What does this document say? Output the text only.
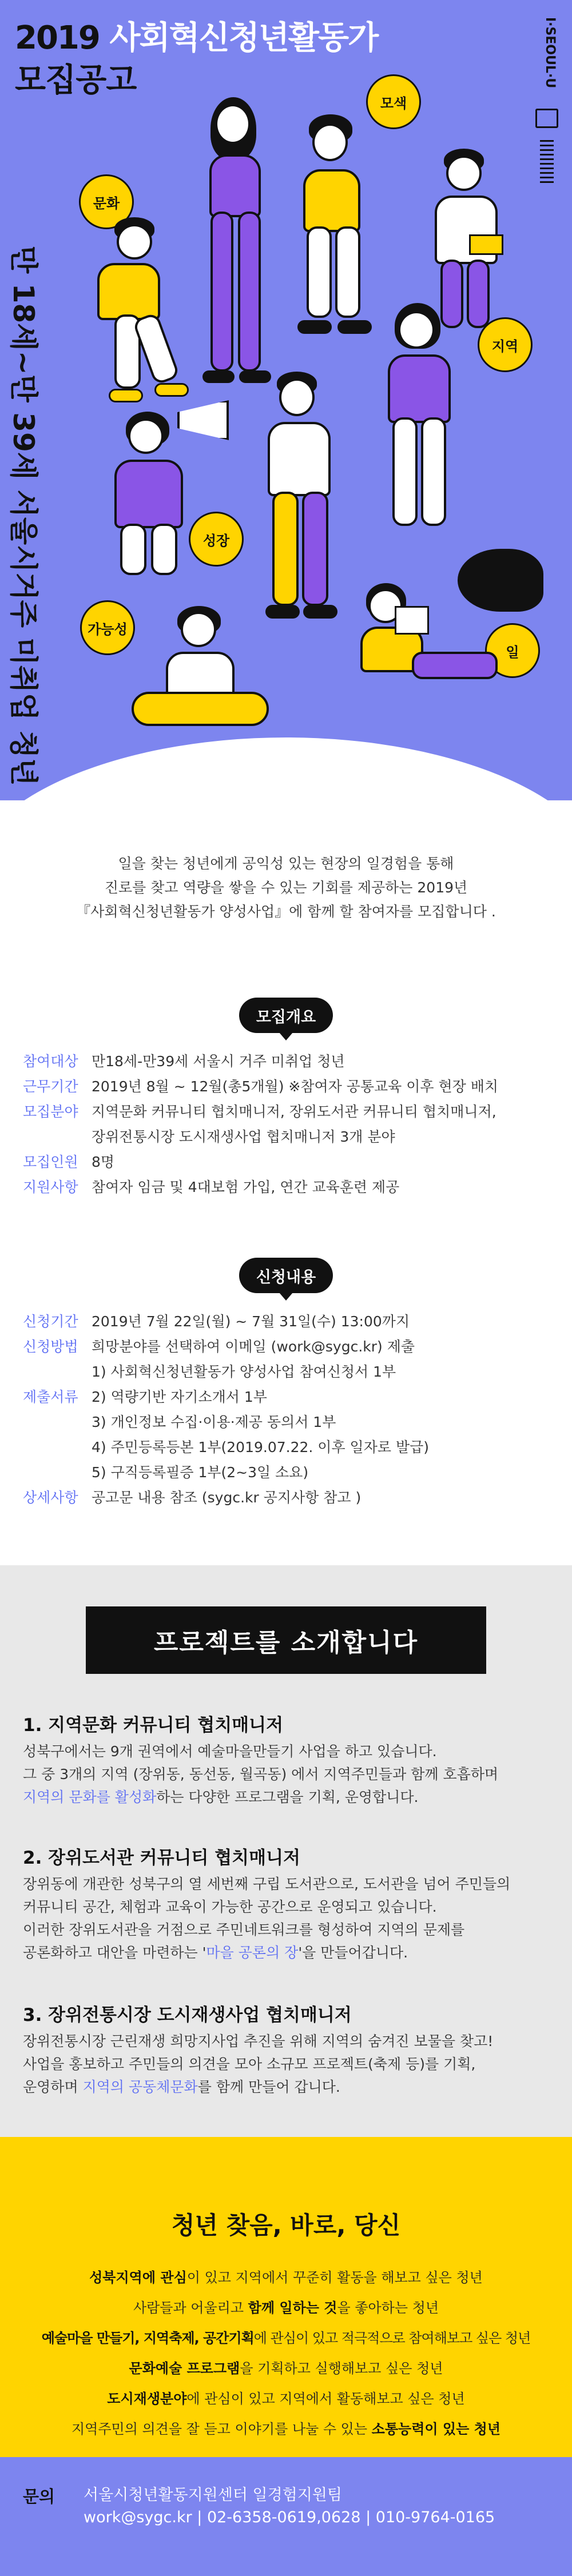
2019 사회혁신청년활동가
모집공고
만 18세~만 39세 서울시거주 미취업 청년
I·SEOUL·U
모색
문화
지역
성장
가능성
일
일을 찾는 청년에게 공익성 있는 현장의 일경험을 통해
진로를 찾고 역량을 쌓을 수 있는 기회를 제공하는 2019년
『사회혁신청년활동가 양성사업』에 함께 할 참여자를 모집합니다 .
모집개요
참여대상 만18세-만39세 서울시 거주 미취업 청년
근무기간 2019년 8월 ~ 12월(총5개월) ※참여자 공통교육 이후 현장 배치
모집분야 지역문화 커뮤니티 협치매니저, 장위도서관 커뮤니티 협치매니저,
장위전통시장 도시재생사업 협치매니저 3개 분야
모집인원 8명
지원사항 참여자 임금 및 4대보험 가입, 연간 교육훈련 제공
신청내용
신청기간 2019년 7월 22일(월) ~ 7월 31일(수) 13:00까지
신청방법 희망분야를 선택하여 이메일 (work@sygc.kr) 제출
1) 사회혁신청년활동가 양성사업 참여신청서 1부
제출서류 2) 역량기반 자기소개서 1부
3) 개인정보 수집·이용·제공 동의서 1부
4) 주민등록등본 1부(2019.07.22. 이후 일자로 발급)
5) 구직등록필증 1부(2~3일 소요)
상세사항 공고문 내용 참조 (sygc.kr 공지사항 참고 )
프로젝트를 소개합니다
1. 지역문화 커뮤니티 협치매니저
성북구에서는 9개 권역에서 예술마을만들기 사업을 하고 있습니다.
그 중 3개의 지역 (장위동, 동선동, 월곡동) 에서 지역주민들과 함께 호흡하며
지역의 문화를 활성화하는 다양한 프로그램을 기획, 운영합니다.
2. 장위도서관 커뮤니티 협치매니저
장위동에 개관한 성북구의 열 세번째 구립 도서관으로, 도서관을 넘어 주민들의
커뮤니티 공간, 체험과 교육이 가능한 공간으로 운영되고 있습니다.
이러한 장위도서관을 거점으로 주민네트워크를 형성하여 지역의 문제를
공론화하고 대안을 마련하는 '마을 공론의 장'을 만들어갑니다.
3. 장위전통시장 도시재생사업 협치매니저
장위전통시장 근린재생 희망지사업 추진을 위해 지역의 숨겨진 보물을 찾고!
사업을 홍보하고 주민들의 의견을 모아 소규모 프로젝트(축제 등)를 기획,
운영하며 지역의 공동체문화를 함께 만들어 갑니다.
청년 찾음, 바로, 당신
성북지역에 관심이 있고 지역에서 꾸준히 활동을 해보고 싶은 청년
사람들과 어울리고 함께 일하는 것을 좋아하는 청년
예술마을 만들기, 지역축제, 공간기획에 관심이 있고 적극적으로 참여해보고 싶은 청년
문화예술 프로그램을 기획하고 실행해보고 싶은 청년
도시재생분야에 관심이 있고 지역에서 활동해보고 싶은 청년
지역주민의 의견을 잘 듣고 이야기를 나눌 수 있는 소통능력이 있는 청년
문의 서울시청년활동지원센터 일경험지원팀
work@sygc.kr | 02-6358-0619,0628 | 010-9764-0165
